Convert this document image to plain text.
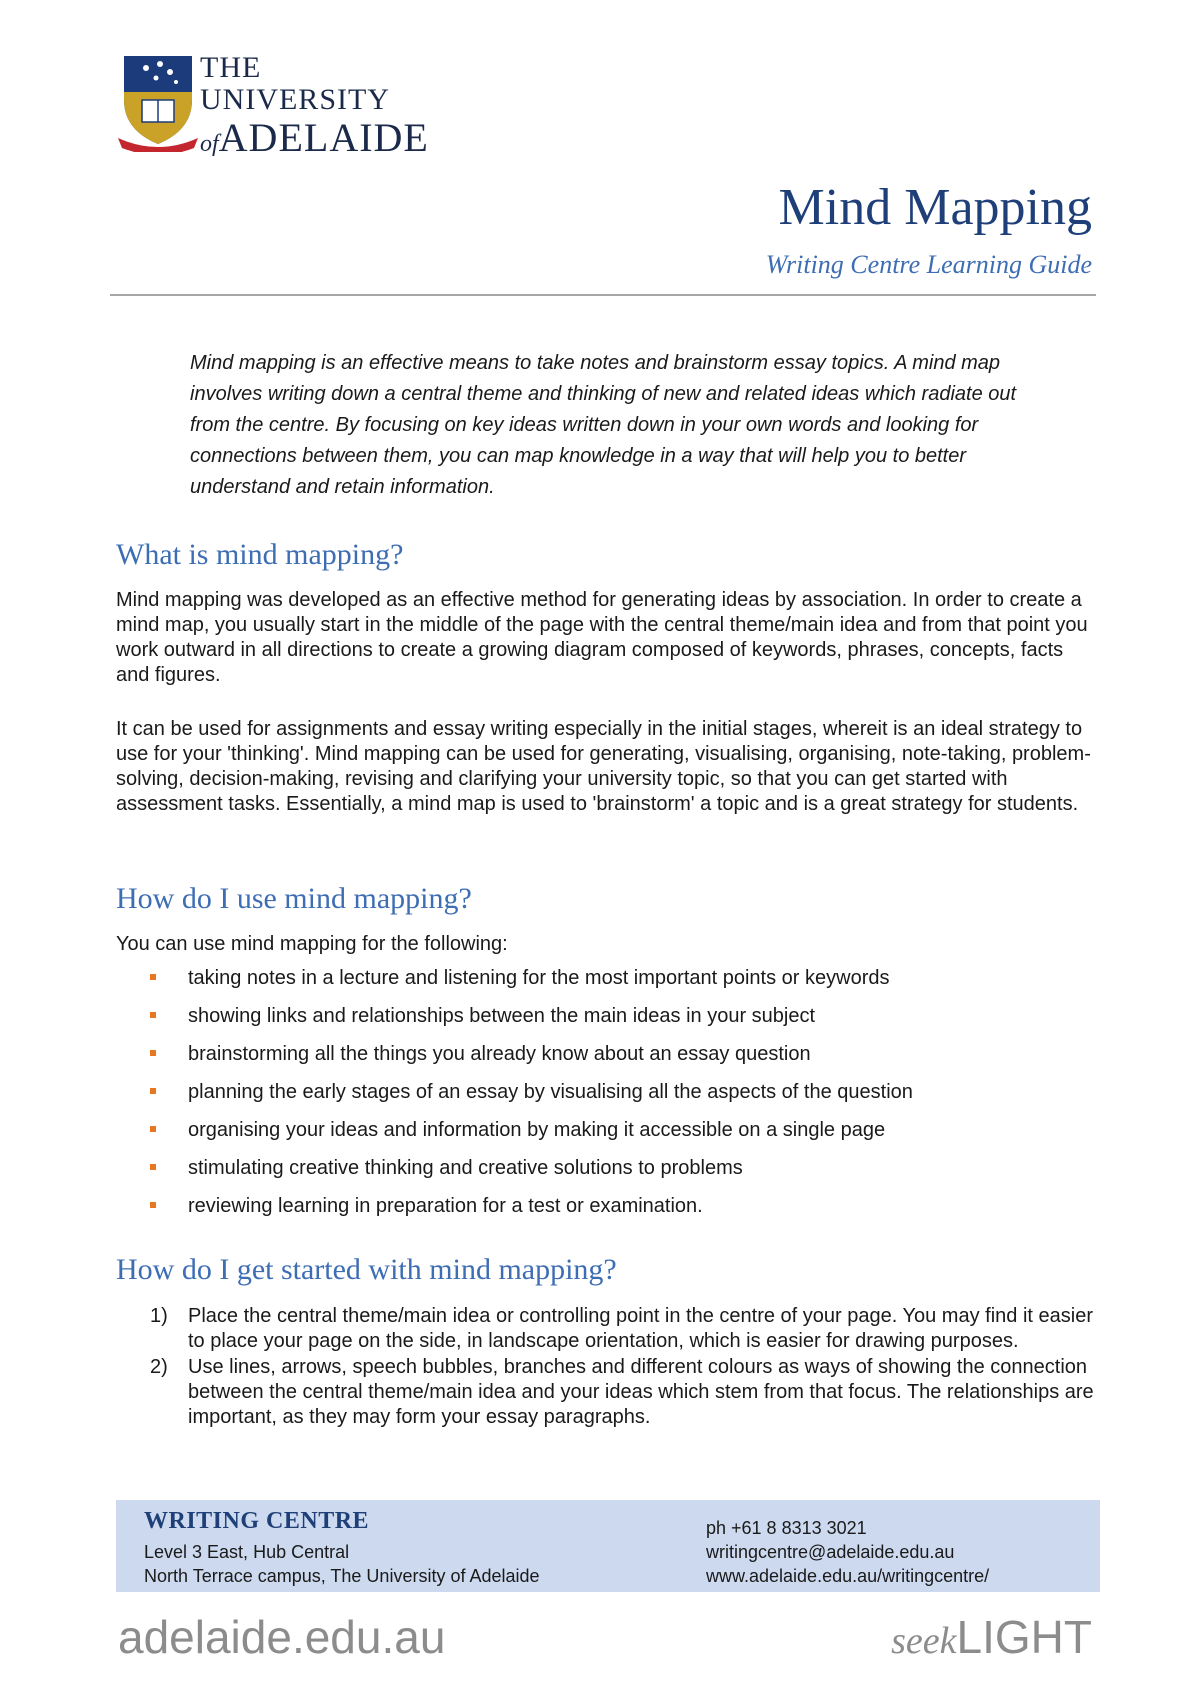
THE UNIVERSITY
ofADELAIDE
Mind Mapping
Writing Centre Learning Guide

Mind mapping is an effective means to take notes and brainstorm essay topics. A mind map involves writing down a central theme and thinking of new and related ideas which radiate out from the centre. By focusing on key ideas written down in your own words and looking for connections between them, you can map knowledge in a way that will help you to better understand and retain information.

What is mind mapping?

Mind mapping was developed as an effective method for generating ideas by association. In order to create a mind map, you usually start in the middle of the page with the central theme/main idea and from that point you work outward in all directions to create a growing diagram composed of keywords, phrases, concepts, facts and figures.

It can be used for assignments and essay writing especially in the initial stages, whereit is an ideal strategy to use for your 'thinking'. Mind mapping can be used for generating, visualising, organising, note-taking, problem-solving, decision-making, revising and clarifying your university topic, so that you can get started with assessment tasks. Essentially, a mind map is used to 'brainstorm' a topic and is a great strategy for students.

How do I use mind mapping?

You can use mind mapping for the following:

taking notes in a lecture and listening for the most important points or keywords
showing links and relationships between the main ideas in your subject
brainstorming all the things you already know about an essay question
planning the early stages of an essay by visualising all the aspects of the question
organising your ideas and information by making it accessible on a single page
stimulating creative thinking and creative solutions to problems
reviewing learning in preparation for a test or examination.
How do I get started with mind mapping?
1) Place the central theme/main idea or controlling point in the centre of your page. You may find it easier to place your page on the side, in landscape orientation, which is easier for drawing purposes.
2) Use lines, arrows, speech bubbles, branches and different colours as ways of showing the connection between the central theme/main idea and your ideas which stem from that focus. The relationships are important, as they may form your essay paragraphs.
WRITING CENTRE
Level 3 East, Hub Central
North Terrace campus, The University of Adelaide
ph +61 8 8313 3021
writingcentre@adelaide.edu.au
www.adelaide.edu.au/writingcentre/
adelaide.edu.au	seekLIGHT
